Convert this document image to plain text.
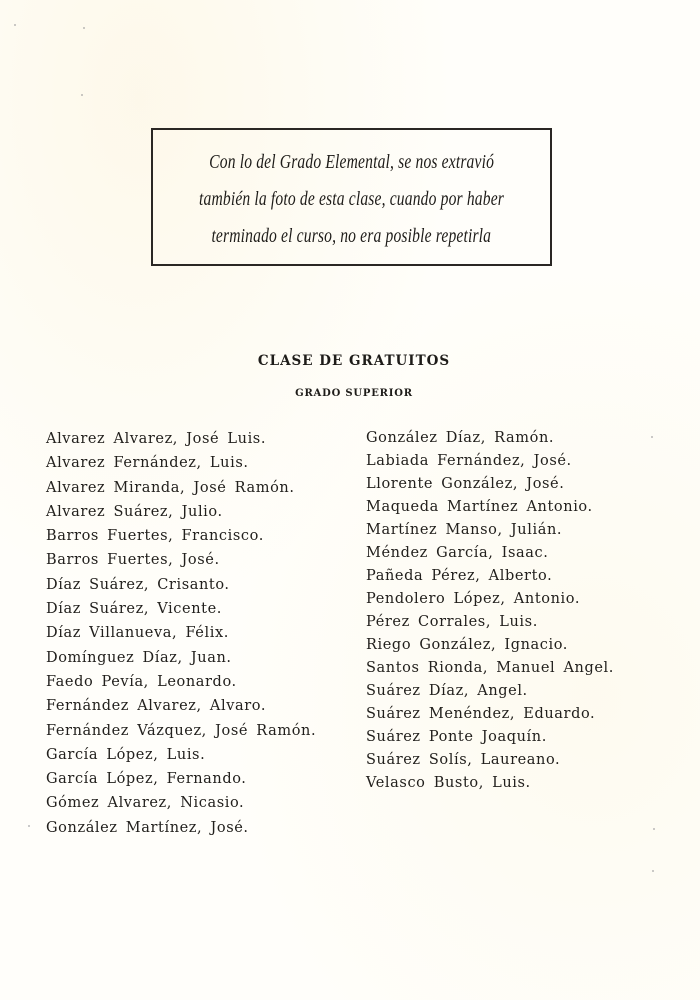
Con lo del Grado Elemental, se nos extravió
también la foto de esta clase, cuando por haber
terminado el curso, no era posible repetirla
CLASE DE GRATUITOS
GRADO SUPERIOR
Alvarez Alvarez, José Luis.
Alvarez Fernández, Luis.
Alvarez Miranda, José Ramón.
Alvarez Suárez, Julio.
Barros Fuertes, Francisco.
Barros Fuertes, José.
Díaz Suárez, Crisanto.
Díaz Suárez, Vicente.
Díaz Villanueva, Félix.
Domínguez Díaz, Juan.
Faedo Pevía, Leonardo.
Fernández Alvarez, Alvaro.
Fernández Vázquez, José Ramón.
García López, Luis.
García López, Fernando.
Gómez Alvarez, Nicasio.
González Martínez, José.
González Díaz, Ramón.
Labiada Fernández, José.
Llorente González, José.
Maqueda Martínez Antonio.
Martínez Manso, Julián.
Méndez García, Isaac.
Pañeda Pérez, Alberto.
Pendolero López, Antonio.
Pérez Corrales, Luis.
Riego González, Ignacio.
Santos Rionda, Manuel Angel.
Suárez Díaz, Angel.
Suárez Menéndez, Eduardo.
Suárez Ponte Joaquín.
Suárez Solís, Laureano.
Velasco Busto, Luis.
